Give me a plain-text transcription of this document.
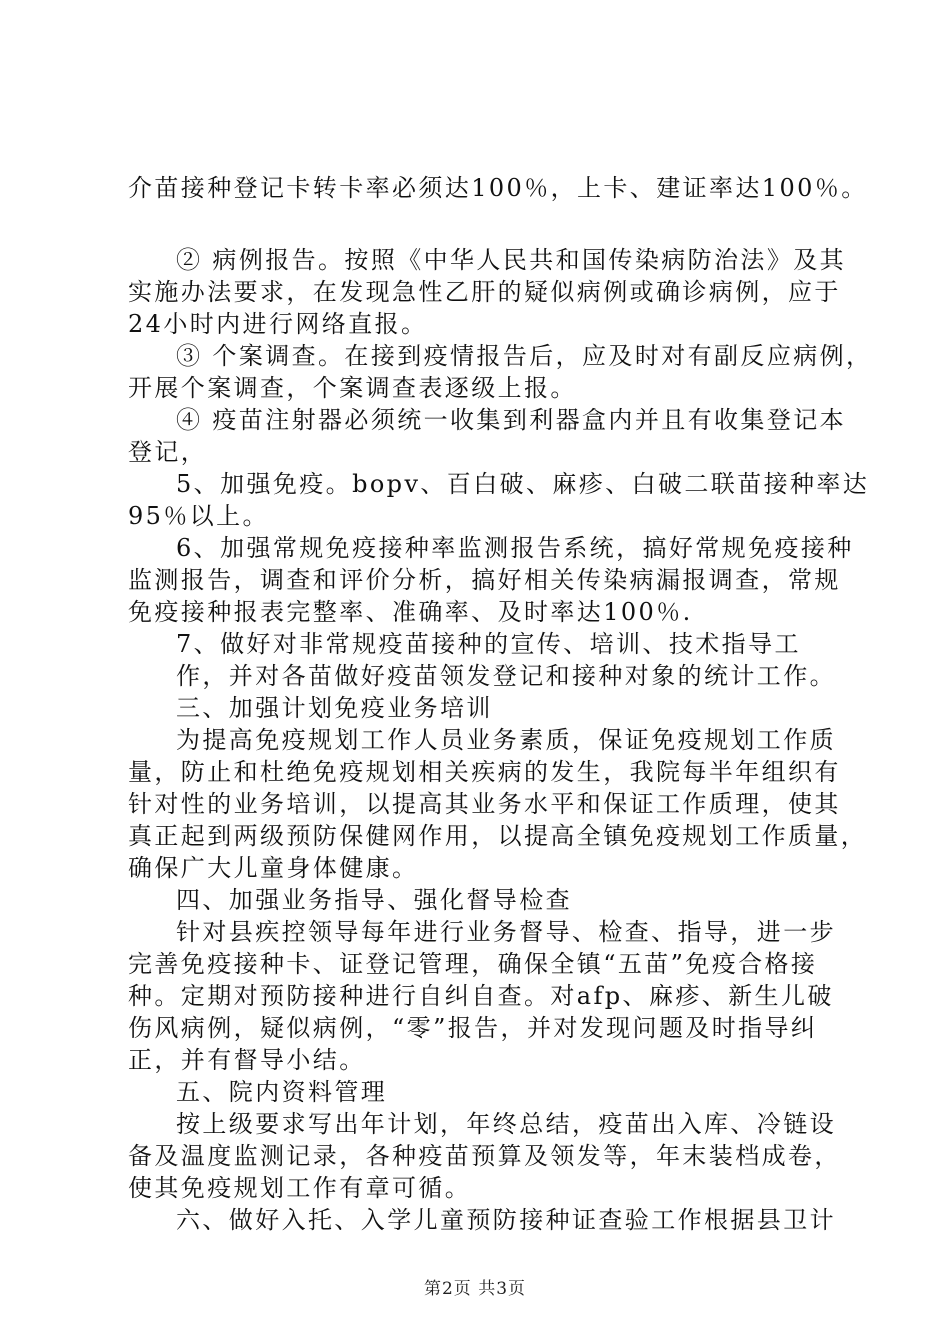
介苗接种登记卡转卡率必须达100％，上卡、建证率达100％。
② 病例报告。按照《中华人民共和国传染病防治法》及其
实施办法要求，在发现急性乙肝的疑似病例或确诊病例，应于
24小时内进行网络直报。
③ 个案调查。在接到疫情报告后，应及时对有副反应病例，
开展个案调查，个案调查表逐级上报。
④ 疫苗注射器必须统一收集到利器盒内并且有收集登记本
登记，
5、加强免疫。bopv、百白破、麻疹、白破二联苗接种率达
95％以上。
6、加强常规免疫接种率监测报告系统，搞好常规免疫接种
监测报告，调查和评价分析，搞好相关传染病漏报调查，常规
免疫接种报表完整率、准确率、及时率达100％.
7、做好对非常规疫苗接种的宣传、培训、技术指导工
作，并对各苗做好疫苗领发登记和接种对象的统计工作。
三、加强计划免疫业务培训
为提高免疫规划工作人员业务素质，保证免疫规划工作质
量，防止和杜绝免疫规划相关疾病的发生，我院每半年组织有
针对性的业务培训，以提高其业务水平和保证工作质理，使其
真正起到两级预防保健网作用，以提高全镇免疫规划工作质量，
确保广大儿童身体健康。
四、加强业务指导、强化督导检查
针对县疾控领导每年进行业务督导、检查、指导，进一步
完善免疫接种卡、证登记管理，确保全镇“五苗”免疫合格接
种。定期对预防接种进行自纠自查。对afp、麻疹、新生儿破
伤风病例，疑似病例，“零”报告，并对发现问题及时指导纠
正，并有督导小结。
五、院内资料管理
按上级要求写出年计划，年终总结，疫苗出入库、冷链设
备及温度监测记录，各种疫苗预算及领发等，年末装档成卷，
使其免疫规划工作有章可循。
六、做好入托、入学儿童预防接种证查验工作根据县卫计
第2页 共3页
